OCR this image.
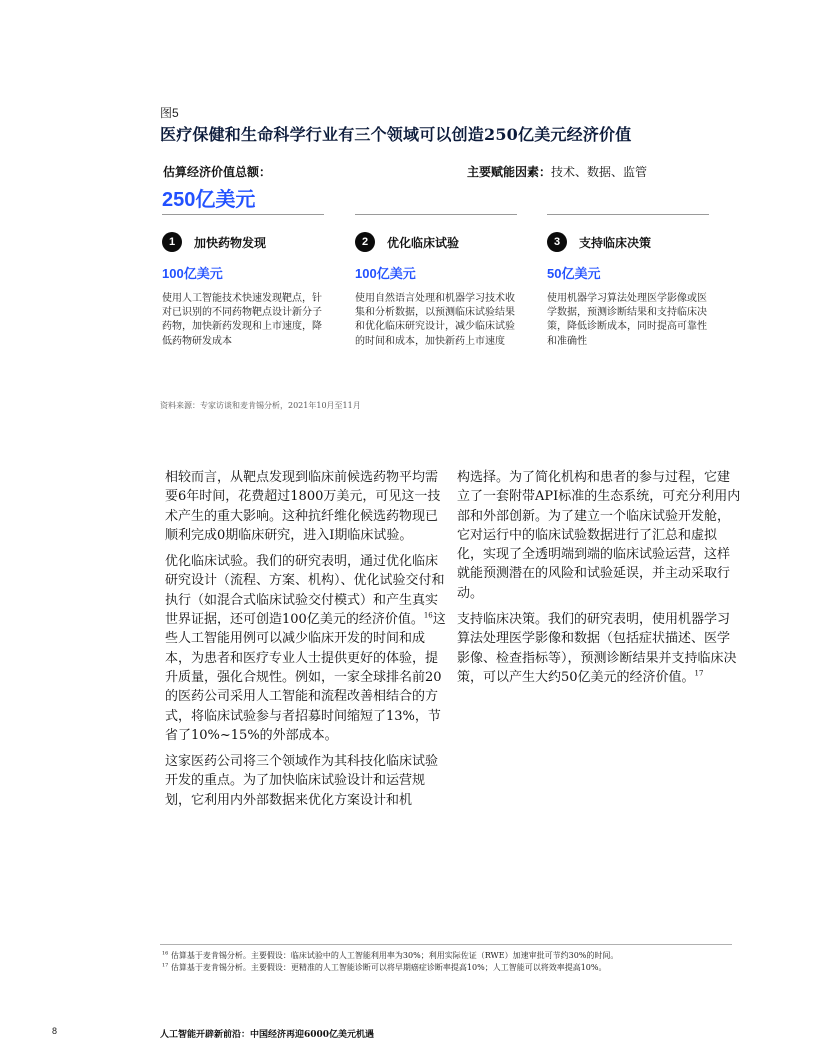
图5
医疗保健和生命科学行业有三个领域可以创造250亿美元经济价值
估算经济价值总额：
250亿美元
主要赋能因素：技术、数据、监管
1	加快药物发现
100亿美元
使用人工智能技术快速发现靶点，针对已识别的不同药物靶点设计新分子药物，加快新药发现和上市速度，降低药物研发成本
2	优化临床试验
100亿美元
使用自然语言处理和机器学习技术收集和分析数据，以预测临床试验结果和优化临床研究设计，减少临床试验的时间和成本，加快新药上市速度
3	支持临床决策
50亿美元
使用机器学习算法处理医学影像或医学数据，预测诊断结果和支持临床决策，降低诊断成本，同时提高可靠性和准确性
资料来源：专家访谈和麦肯锡分析，2021年10月至11月

相较而言，从靶点发现到临床前候选药物平均需要6年时间，花费超过1800万美元，可见这一技术产生的重大影响。这种抗纤维化候选药物现已顺利完成0期临床研究，进入I期临床试验。

优化临床试验。我们的研究表明，通过优化临床研究设计（流程、方案、机构）、优化试验交付和执行（如混合式临床试验交付模式）和产生真实世界证据，还可创造100亿美元的经济价值。$^{16}$这些人工智能用例可以减少临床开发的时间和成本，为患者和医疗专业人士提供更好的体验，提升质量，强化合规性。例如，一家全球排名前20的医药公司采用人工智能和流程改善相结合的方式，将临床试验参与者招募时间缩短了13%，节省了10%~15%的外部成本。

这家医药公司将三个领域作为其科技化临床试验开发的重点。为了加快临床试验设计和运营规划，它利用内外部数据来优化方案设计和机

构选择。为了简化机构和患者的参与过程，它建立了一套附带API标准的生态系统，可充分利用内部和外部创新。为了建立一个临床试验开发舱，它对运行中的临床试验数据进行了汇总和虚拟化，实现了全透明端到端的临床试验运营，这样就能预测潜在的风险和试验延误，并主动采取行动。

支持临床决策。我们的研究表明，使用机器学习算法处理医学影像和数据（包括症状描述、医学影像、检查指标等），预测诊断结果并支持临床决策，可以产生大约50亿美元的经济价值。$^{17}$

$^{16}$ 估算基于麦肯锡分析。主要假设：临床试验中的人工智能利用率为30%；利用实际佐证（RWE）加速审批可节约30%的时间。
$^{17}$ 估算基于麦肯锡分析。主要假设：更精准的人工智能诊断可以将早期癌症诊断率提高10%；人工智能可以将效率提高10%。
8	人工智能开辟新前沿：中国经济再迎6000亿美元机遇
